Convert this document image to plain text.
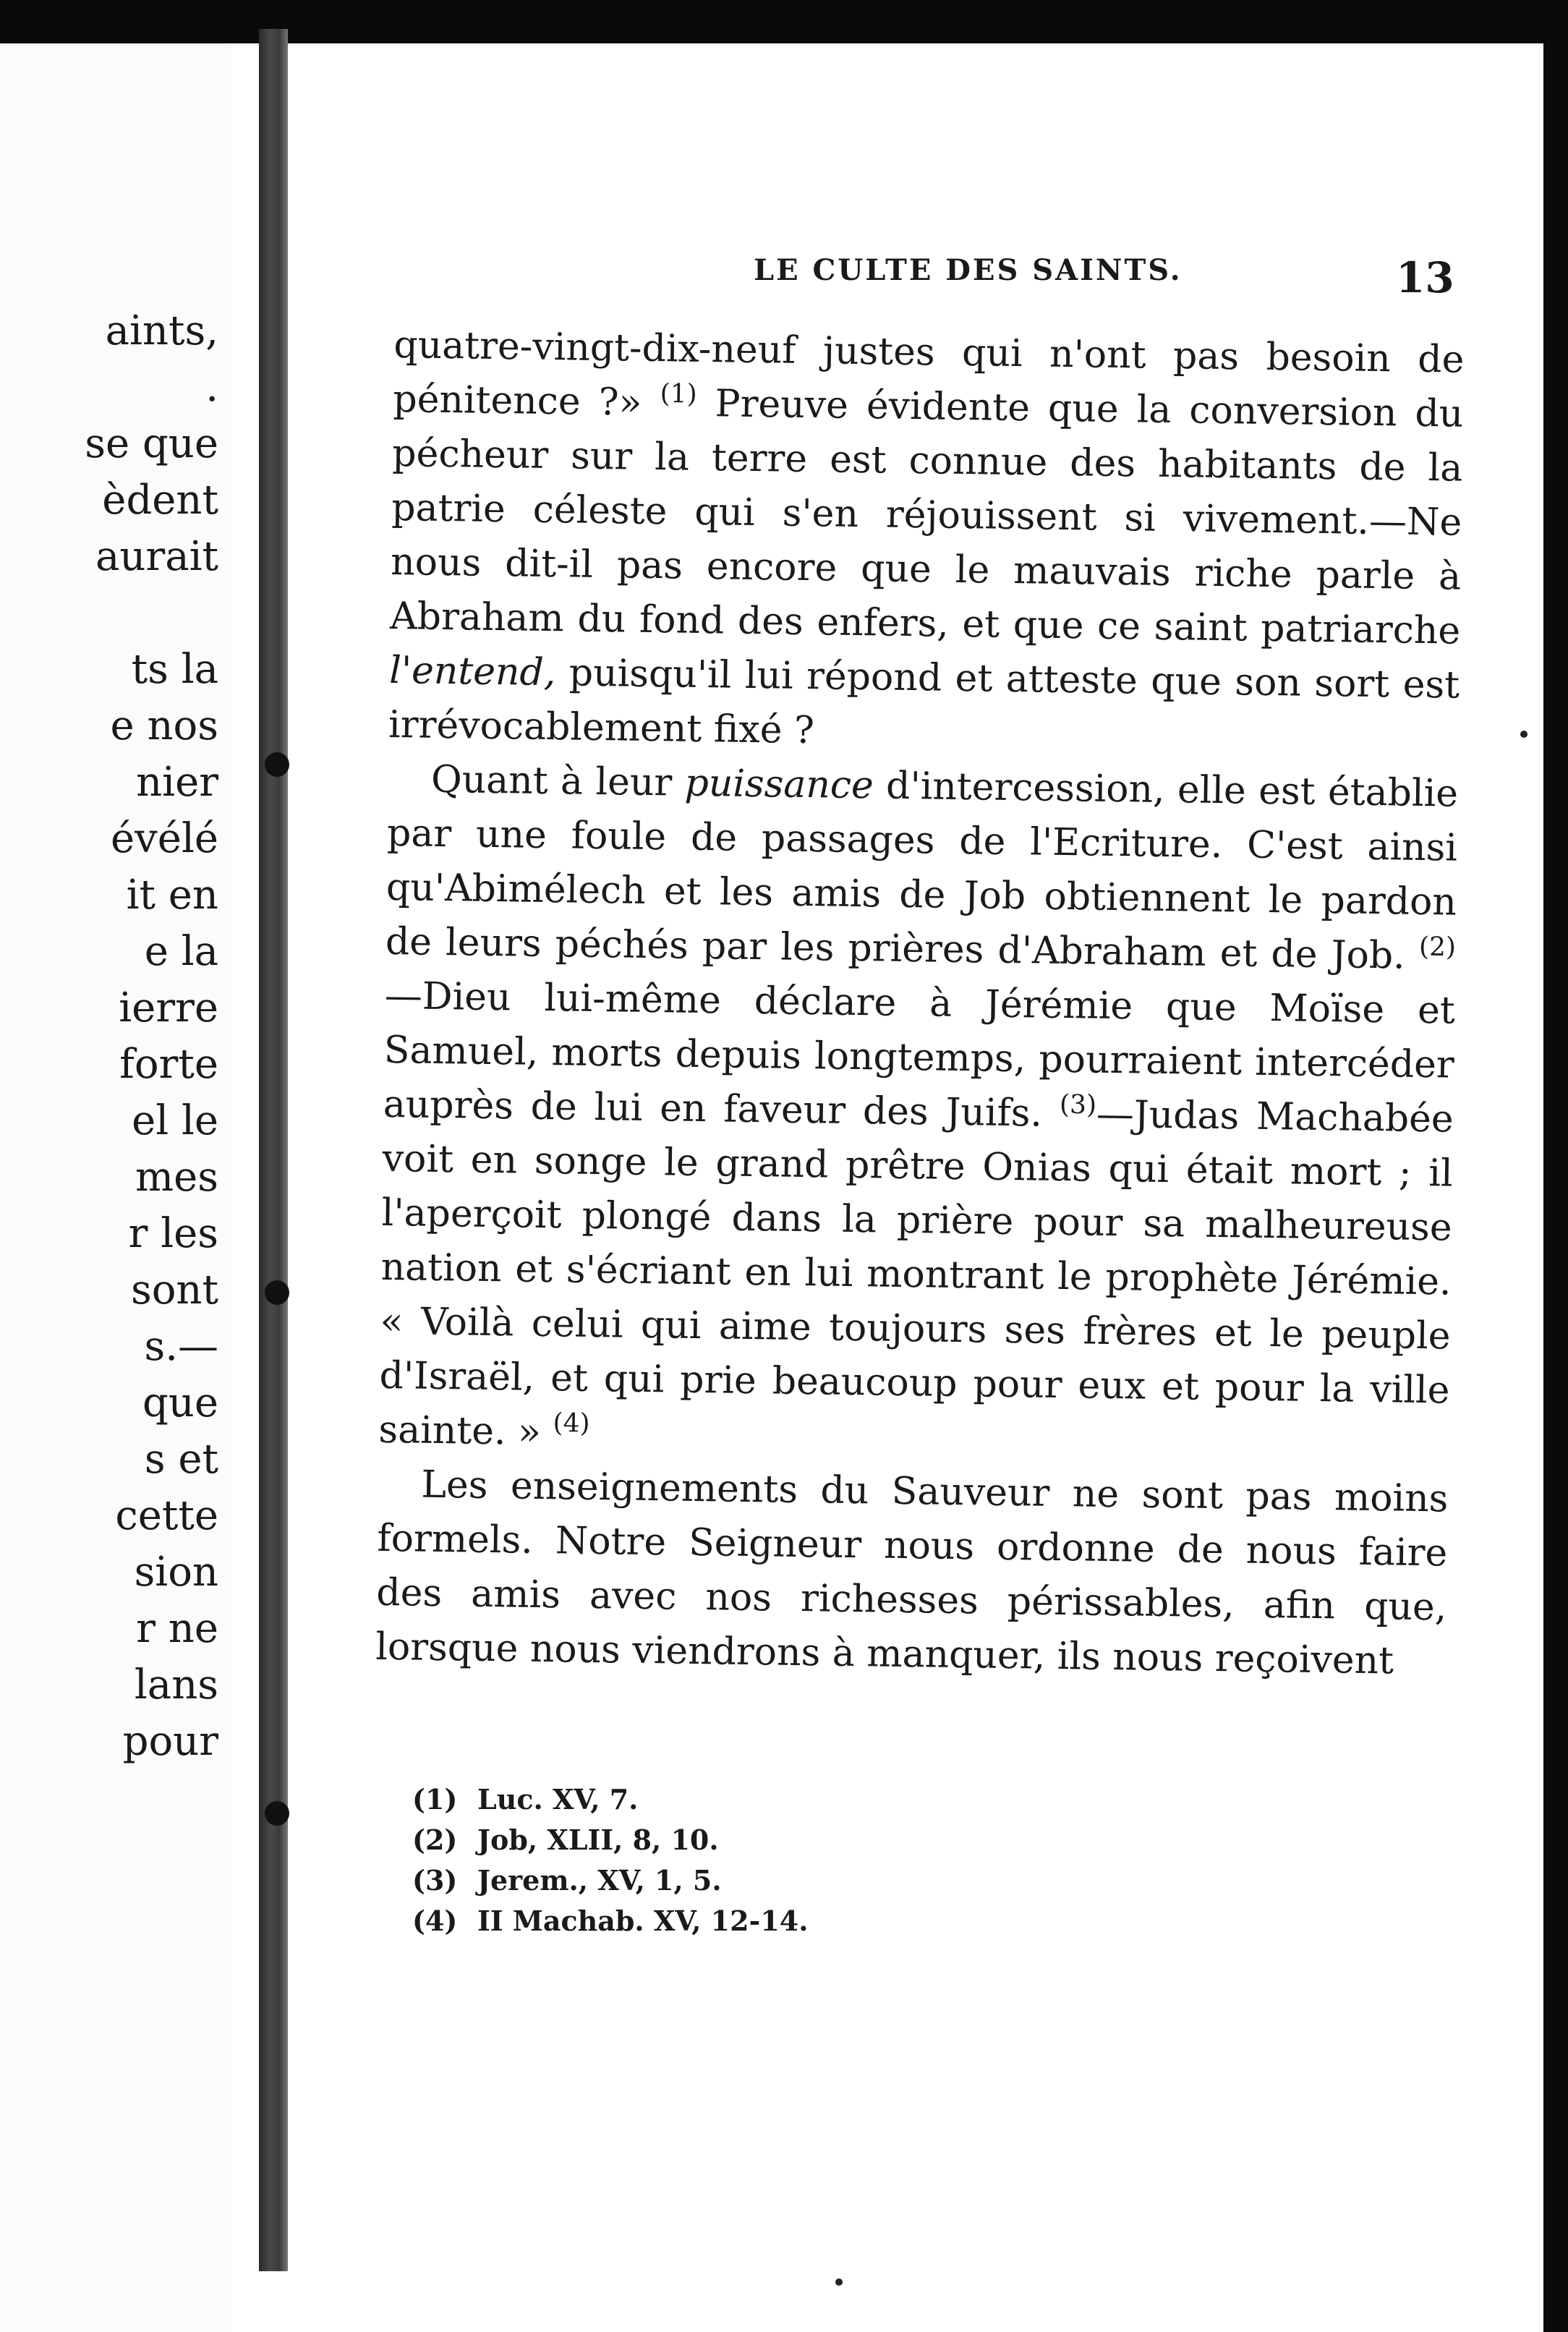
aints,
.
se que
èdent
aurait
ts la
e nos
nier
évélé
it en
e la
ierre
forte
el le
mes
r les
sont
s.—
que
s et
cette
sion
r ne
lans
pour
LE CULTE DES SAINTS.	13

quatre-vingt-dix-neuf justes qui n'ont pas besoin de pénitence ?» $^{(1)}$ Preuve évidente que la conversion du pécheur sur la terre est connue des habitants de la patrie céleste qui s'en réjouissent si vivement.—Ne nous dit-il pas encore que le mauvais riche parle à Abraham du fond des enfers, et que ce saint patriarche l'entend, puisqu'il lui répond et atteste que son sort est irrévocablement fixé ?

Quant à leur puissance d'intercession, elle est établie par une foule de passages de l'Ecriture. C'est ainsi qu'Abimélech et les amis de Job obtiennent le pardon de leurs péchés par les prières d'Abraham et de Job. $^{(2)}$—Dieu lui-même déclare à Jérémie que Moïse et Samuel, morts depuis longtemps, pourraient intercéder auprès de lui en faveur des Juifs. $^{(3)}$—Judas Machabée voit en songe le grand prêtre Onias qui était mort ; il l'aperçoit plongé dans la prière pour sa malheureuse nation et s'écriant en lui montrant le prophète Jérémie. « Voilà celui qui aime toujours ses frères et le peuple d'Israël, et qui prie beaucoup pour eux et pour la ville sainte. » $^{(4)}$

Les enseignements du Sauveur ne sont pas moins formels. Notre Seigneur nous ordonne de nous faire des amis avec nos richesses périssables, afin que, lorsque nous viendrons à manquer, ils nous reçoivent

(1) Luc. XV, 7.
(2) Job, XLII, 8, 10.
(3) Jerem., XV, 1, 5.
(4) II Machab. XV, 12-14.
